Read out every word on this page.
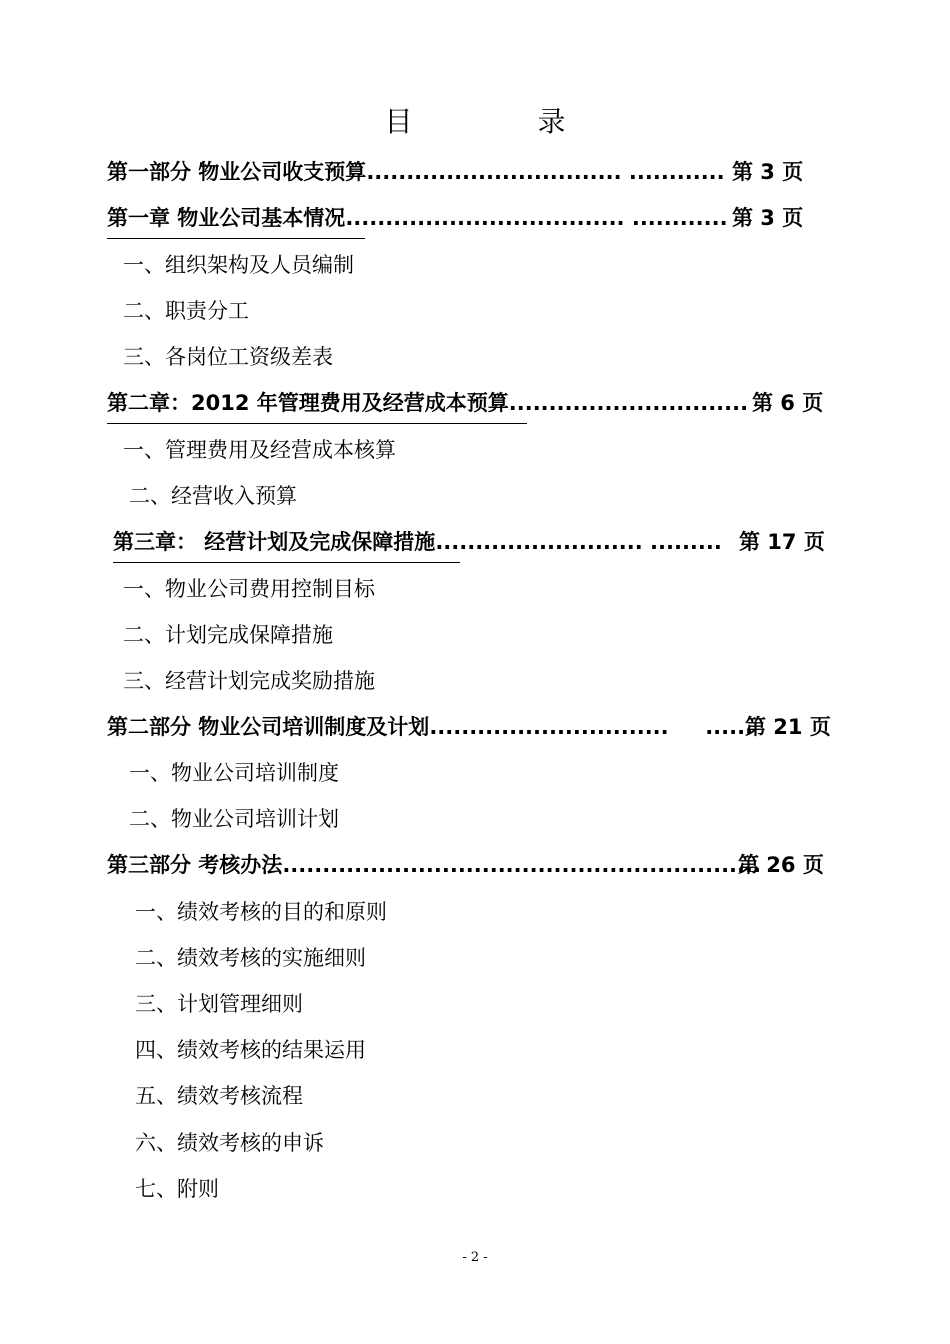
目 录
第一部分 物业公司收支预算................................ ............ 第 3 页
第一章 物业公司基本情况................................... ............ 第 3 页
一、组织架构及人员编制
二、职责分工
三、各岗位工资级差表
第二章：2012 年管理费用及经营成本预算.............................. 第 6 页
一、管理费用及经营成本核算
二、经营收入预算
第三章： 经营计划及完成保障措施.......................... ......... 第 17 页
一、物业公司费用控制目标
二、计划完成保障措施
三、经营计划完成奖励措施
第二部分 物业公司培训制度及计划..............................     ......
第 21 页
一、物业公司培训制度
二、物业公司培训计划
第三部分 考核办法............................................................
第 26 页
一、绩效考核的目的和原则
二、绩效考核的实施细则
三、计划管理细则
四、绩效考核的结果运用
五、绩效考核流程
六、绩效考核的申诉
七、附则
- 2 -
